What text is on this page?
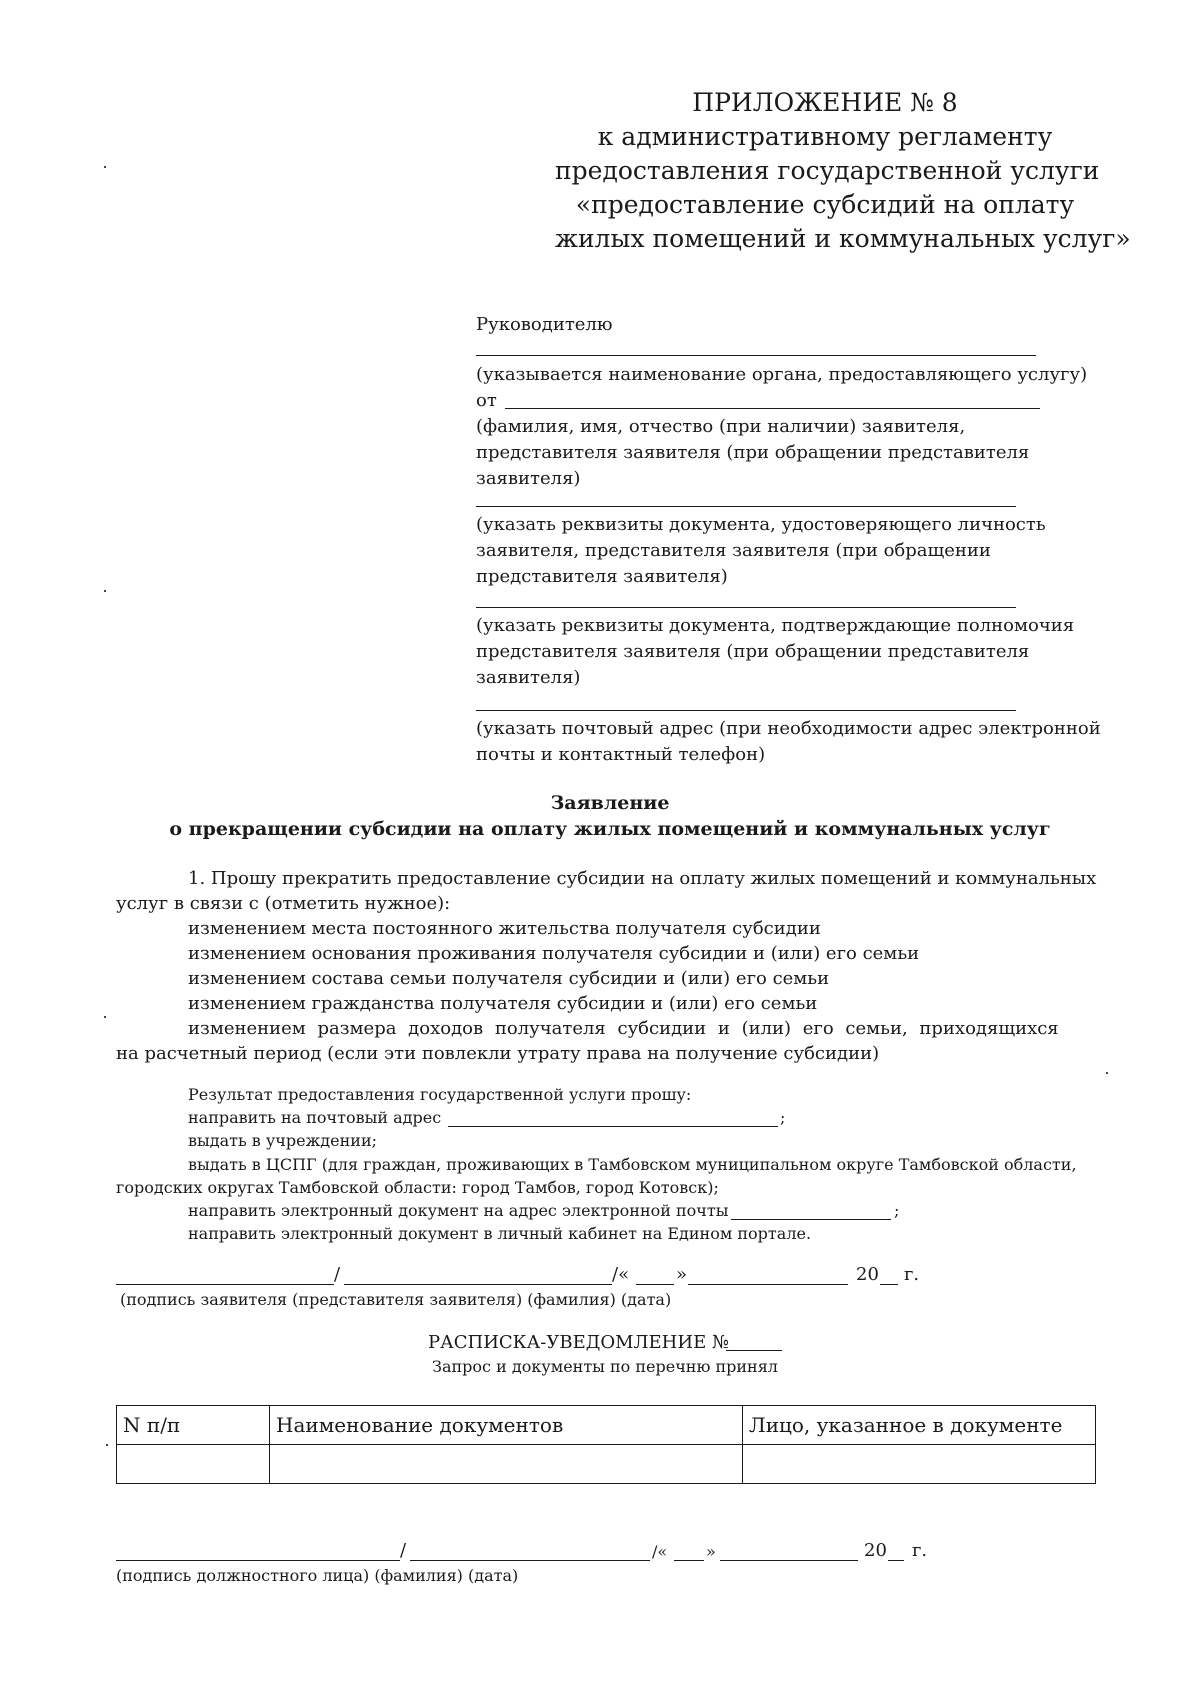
ПРИЛОЖЕНИЕ № 8
к административному регламенту
предоставления государственной услуги
«предоставление субсидий на оплату
жилых помещений и коммунальных услуг»
Руководителю
(указывается наименование органа, предоставляющего услугу)
от
(фамилия, имя, отчество (при наличии) заявителя,
представителя заявителя (при обращении представителя
заявителя)
(указать реквизиты документа, удостоверяющего личность
заявителя, представителя заявителя (при обращении
представителя заявителя)
(указать реквизиты документа, подтверждающие полномочия
представителя заявителя (при обращении представителя
заявителя)
(указать почтовый адрес (при необходимости адрес электронной
почты и контактный телефон)
Заявление
о прекращении субсидии на оплату жилых помещений и коммунальных услуг
1. Прошу прекратить предоставление субсидии на оплату жилых помещений и коммунальных
услуг в связи с (отметить нужное):
изменением места постоянного жительства получателя субсидии
изменением основания проживания получателя субсидии и (или) его семьи
изменением состава семьи получателя субсидии и (или) его семьи
изменением гражданства получателя субсидии и (или) его семьи
изменением размера доходов получателя субсидии и (или) его семьи, приходящихся
на расчетный период (если эти повлекли утрату права на получение субсидии)
Результат предоставления государственной услуги прошу:
направить на почтовый адрес	;
выдать в учреждении;
выдать в ЦСПГ (для граждан, проживающих в Тамбовском муниципальном округе Тамбовской области,
городских округах Тамбовской области: город Тамбов, город Котовск);
направить электронный документ на адрес электронной почты	;
направить электронный документ в личный кабинет на Едином портале.
/	/«	»	20 г.
(подпись заявителя (представителя заявителя) (фамилия) (дата)
РАСПИСКА-УВЕДОМЛЕНИЕ №
Запрос и документы по перечню принял
N п/п	Наименование документов	Лицо, указанное в документе

/	/« »	20 г.
(подпись должностного лица) (фамилия) (дата)
